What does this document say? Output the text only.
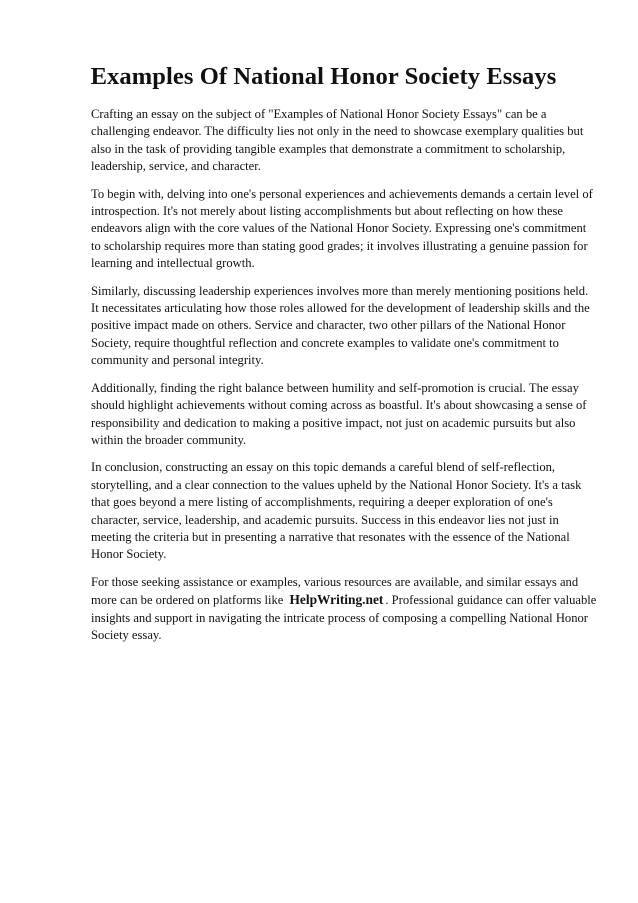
Examples Of National Honor Society Essays

Crafting an essay on the subject of "Examples of National Honor Society Essays" can be a challenging endeavor. The difficulty lies not only in the need to showcase exemplary qualities but also in the task of providing tangible examples that demonstrate a commitment to scholarship, leadership, service, and character.

To begin with, delving into one's personal experiences and achievements demands a certain level of introspection. It's not merely about listing accomplishments but about reflecting on how these endeavors align with the core values of the National Honor Society. Expressing one's commitment to scholarship requires more than stating good grades; it involves illustrating a genuine passion for learning and intellectual growth.

Similarly, discussing leadership experiences involves more than merely mentioning positions held. It necessitates articulating how those roles allowed for the development of leadership skills and the positive impact made on others. Service and character, two other pillars of the National Honor Society, require thoughtful reflection and concrete examples to validate one's commitment to community and personal integrity.

Additionally, finding the right balance between humility and self-promotion is crucial. The essay should highlight achievements without coming across as boastful. It's about showcasing a sense of responsibility and dedication to making a positive impact, not just on academic pursuits but also within the broader community.

In conclusion, constructing an essay on this topic demands a careful blend of self-reflection, storytelling, and a clear connection to the values upheld by the National Honor Society. It's a task that goes beyond a mere listing of accomplishments, requiring a deeper exploration of one's character, service, leadership, and academic pursuits. Success in this endeavor lies not just in meeting the criteria but in presenting a narrative that resonates with the essence of the National Honor Society.

For those seeking assistance or examples, various resources are available, and similar essays and more can be ordered on platforms like HelpWriting.net . Professional guidance can offer valuable insights and support in navigating the intricate process of composing a compelling National Honor Society essay.
